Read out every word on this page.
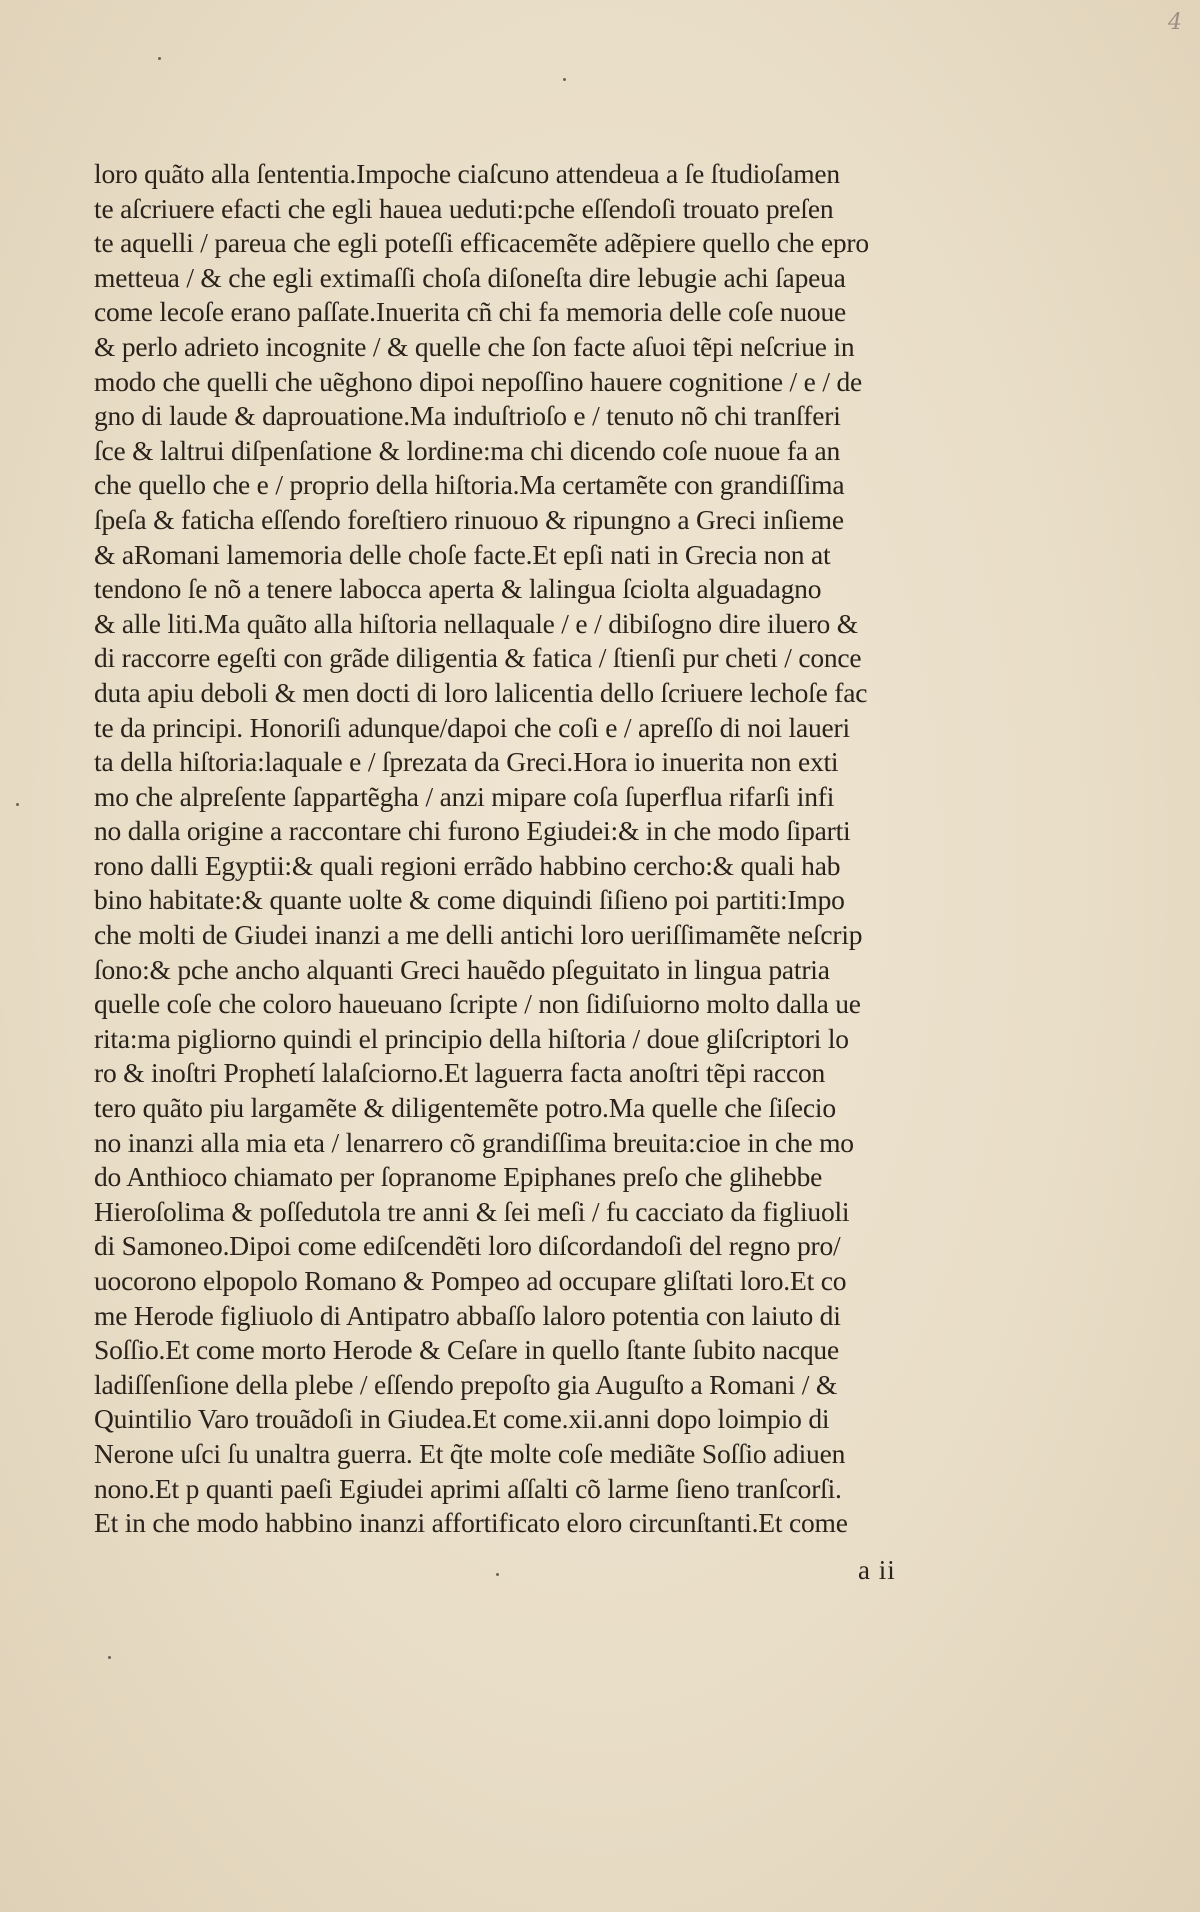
4
loro quãto alla ſententia.Impoche ciaſcuno attendeua a ſe ſtudioſamen
te aſcriuere efacti che egli hauea ueduti:pche eſſendoſi trouato preſen
te aquelli / pareua che egli poteſſi efficacemẽte adẽpiere quello che epro
metteua / & che egli extimaſſi choſa diſoneſta dire lebugie achi ſapeua
come lecoſe erano paſſate.Inuerita cñ chi fa memoria delle coſe nuoue
& perlo adrieto incognite / & quelle che ſon facte aſuoi tẽpi neſcriue in
modo che quelli che uẽghono dipoi nepoſſino hauere cognitione / e / de
gno di laude & daprouatione.Ma induſtrioſo e / tenuto nõ chi tranſferi
ſce & laltrui diſpenſatione & lordine:ma chi dicendo coſe nuoue fa an
che quello che e / proprio della hiſtoria.Ma certamẽte con grandiſſima
ſpeſa & faticha eſſendo foreſtiero rinuouo & ripungno a Greci inſieme
& aRomani lamemoria delle choſe facte.Et epſi nati in Grecia non at
tendono ſe nõ a tenere labocca aperta & lalingua ſciolta alguadagno
& alle liti.Ma quãto alla hiſtoria nellaquale / e / dibiſogno dire iluero &
di raccorre egeſti con grãde diligentia & fatica / ſtienſi pur cheti / conce
duta apiu deboli & men docti di loro lalicentia dello ſcriuere lechoſe fac
te da principi. Honoriſi adunque/dapoi che coſi e / apreſſo di noi laueri
ta della hiſtoria:laquale e / ſprezata da Greci.Hora io inuerita non exti
mo che alpreſente ſappartẽgha / anzi mipare coſa ſuperflua rifarſi infi
no dalla origine a raccontare chi furono Egiudei:& in che modo ſiparti
rono dalli Egyptii:& quali regioni errãdo habbino cercho:& quali hab
bino habitate:& quante uolte & come diquindi ſiſieno poi partiti:Impo
che molti de Giudei inanzi a me delli antichi loro ueriſſimamẽte neſcrip
ſono:& pche ancho alquanti Greci hauẽdo pſeguitato in lingua patria
quelle coſe che coloro haueuano ſcripte / non ſidiſuiorno molto dalla ue
rita:ma pigliorno quindi el principio della hiſtoria / doue gliſcriptori lo
ro & inoſtri Prophetí lalaſciorno.Et laguerra facta anoſtri tẽpi raccon
tero quãto piu largamẽte & diligentemẽte potro.Ma quelle che ſiſecio
no inanzi alla mia eta / lenarrero cõ grandiſſima breuita:cioe in che mo
do Anthioco chiamato per ſopranome Epiphanes preſo che glihebbe
Hieroſolima & poſſedutola tre anni & ſei meſi / fu cacciato da figliuoli
di Samoneo.Dipoi come ediſcendẽti loro diſcordandoſi del regno pro/
uocorono elpopolo Romano & Pompeo ad occupare gliſtati loro.Et co
me Herode figliuolo di Antipatro abbaſſo laloro potentia con laiuto di
Soſſio.Et come morto Herode & Ceſare in quello ſtante ſubito nacque
ladiſſenſione della plebe / eſſendo prepoſto gia Auguſto a Romani / &
Quintilio Varo trouãdoſi in Giudea.Et come.xii.anni dopo loimpio di
Nerone uſci ſu unaltra guerra. Et q̃te molte coſe mediãte Soſſio adiuen
nono.Et p quanti paeſi Egiudei aprimi aſſalti cõ larme ſieno tranſcorſi.
Et in che modo habbino inanzi affortificato eloro circunſtanti.Et come
a ii
